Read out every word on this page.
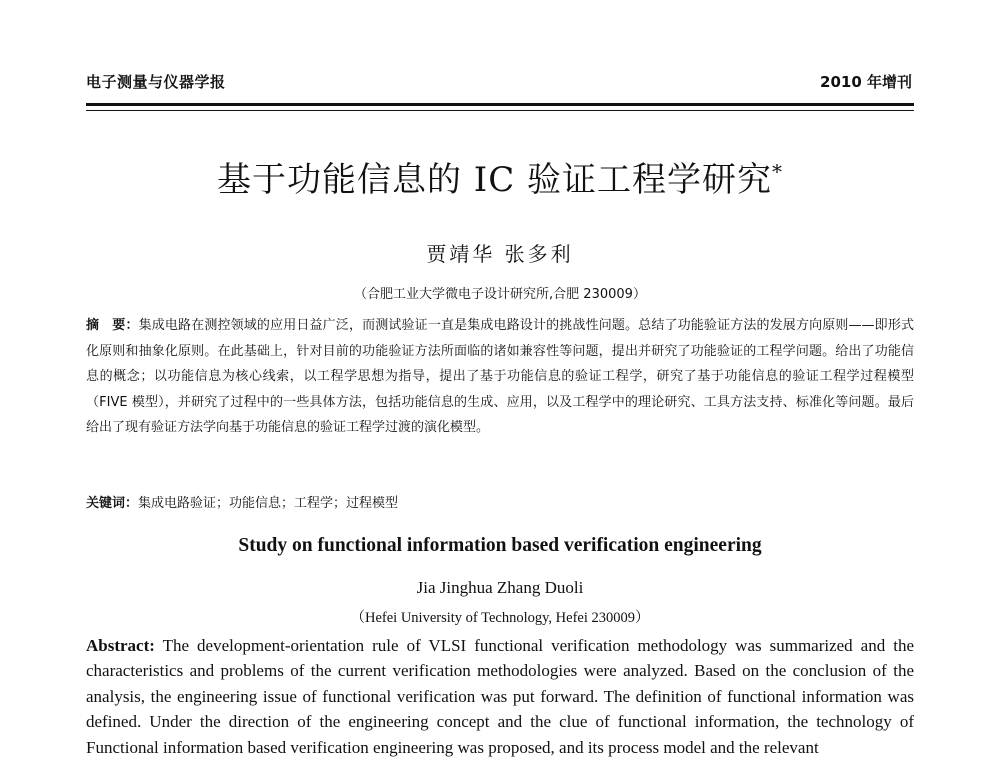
电子测量与仪器学报	2010 年增刊
基于功能信息的 IC 验证工程学研究*
贾靖华 张多利
（合肥工业大学微电子设计研究所,合肥 230009）

摘　要：集成电路在测控领域的应用日益广泛，而测试验证一直是集成电路设计的挑战性问题。总结了功能验证方法的发展方向原则——即形式化原则和抽象化原则。在此基础上，针对目前的功能验证方法所面临的诸如兼容性等问题，提出并研究了功能验证的工程学问题。给出了功能信息的概念；以功能信息为核心线索，以工程学思想为指导，提出了基于功能信息的验证工程学，研究了基于功能信息的验证工程学过程模型（FIVE 模型），并研究了过程中的一些具体方法，包括功能信息的生成、应用，以及工程学中的理论研究、工具方法支持、标准化等问题。最后给出了现有验证方法学向基于功能信息的验证工程学过渡的演化模型。

关键词：集成电路验证；功能信息；工程学；过程模型
Study on functional information based verification engineering
Jia Jinghua Zhang Duoli
（Hefei University of Technology, Hefei 230009）

Abstract: The development-orientation rule of VLSI functional verification methodology was summarized and the characteristics and problems of the current verification methodologies were analyzed. Based on the conclusion of the analysis, the engineering issue of functional verification was put forward. The definition of functional information was defined. Under the direction of the engineering concept and the clue of functional information, the technology of Functional information based verification engineering was proposed, and its process model and the relevant
